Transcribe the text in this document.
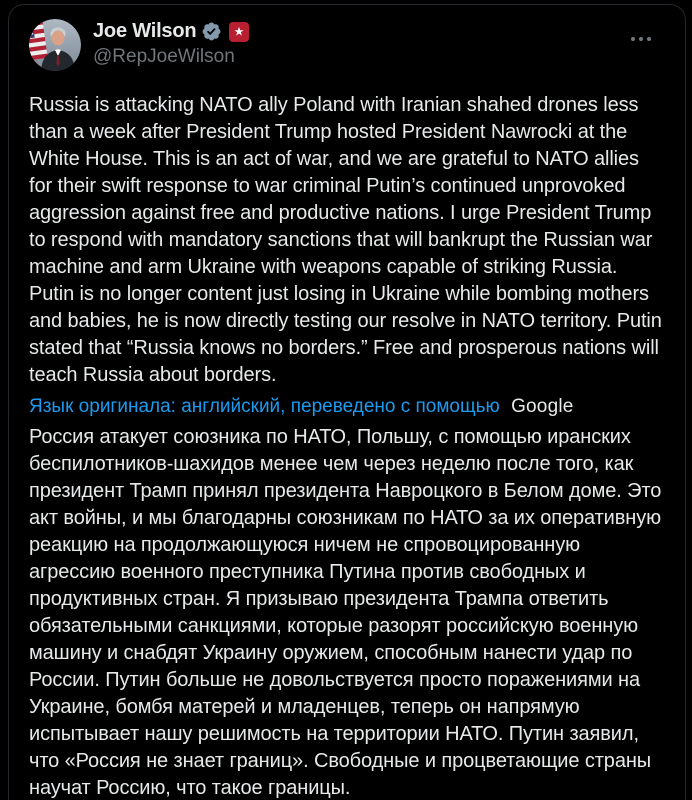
Joe Wilson
@RepJoeWilson
Russia is attacking NATO ally Poland with Iranian shahed drones less than a week after President Trump hosted President Nawrocki at the White House. This is an act of war, and we are grateful to NATO allies for their swift response to war criminal Putin’s continued unprovoked aggression against free and productive nations. I urge President Trump to respond with mandatory sanctions that will bankrupt the Russian war machine and arm Ukraine with weapons capable of striking Russia. Putin is no longer content just losing in Ukraine while bombing mothers and babies, he is now directly testing our resolve in NATO territory. Putin stated that “Russia knows no borders.” Free and prosperous nations will teach Russia about borders.
Язык оригинала: английский, переведено с помощью Google
Россия атакует союзника по НАТО, Польшу, с помощью иранских беспилотников-шахидов менее чем через неделю после того, как президент Трамп принял президента Навроцкого в Белом доме. Это акт войны, и мы благодарны союзникам по НАТО за их оперативную реакцию на продолжающуюся ничем не спровоцированную агрессию военного преступника Путина против свободных и продуктивных стран. Я призываю президента Трампа ответить обязательными санкциями, которые разорят российскую военную машину и снабдят Украину оружием, способным нанести удар по России. Путин больше не довольствуется просто поражениями на Украине, бомбя матерей и младенцев, теперь он напрямую испытывает нашу решимость на территории НАТО. Путин заявил, что «Россия не знает границ». Свободные и процветающие страны научат Россию, что такое границы.
